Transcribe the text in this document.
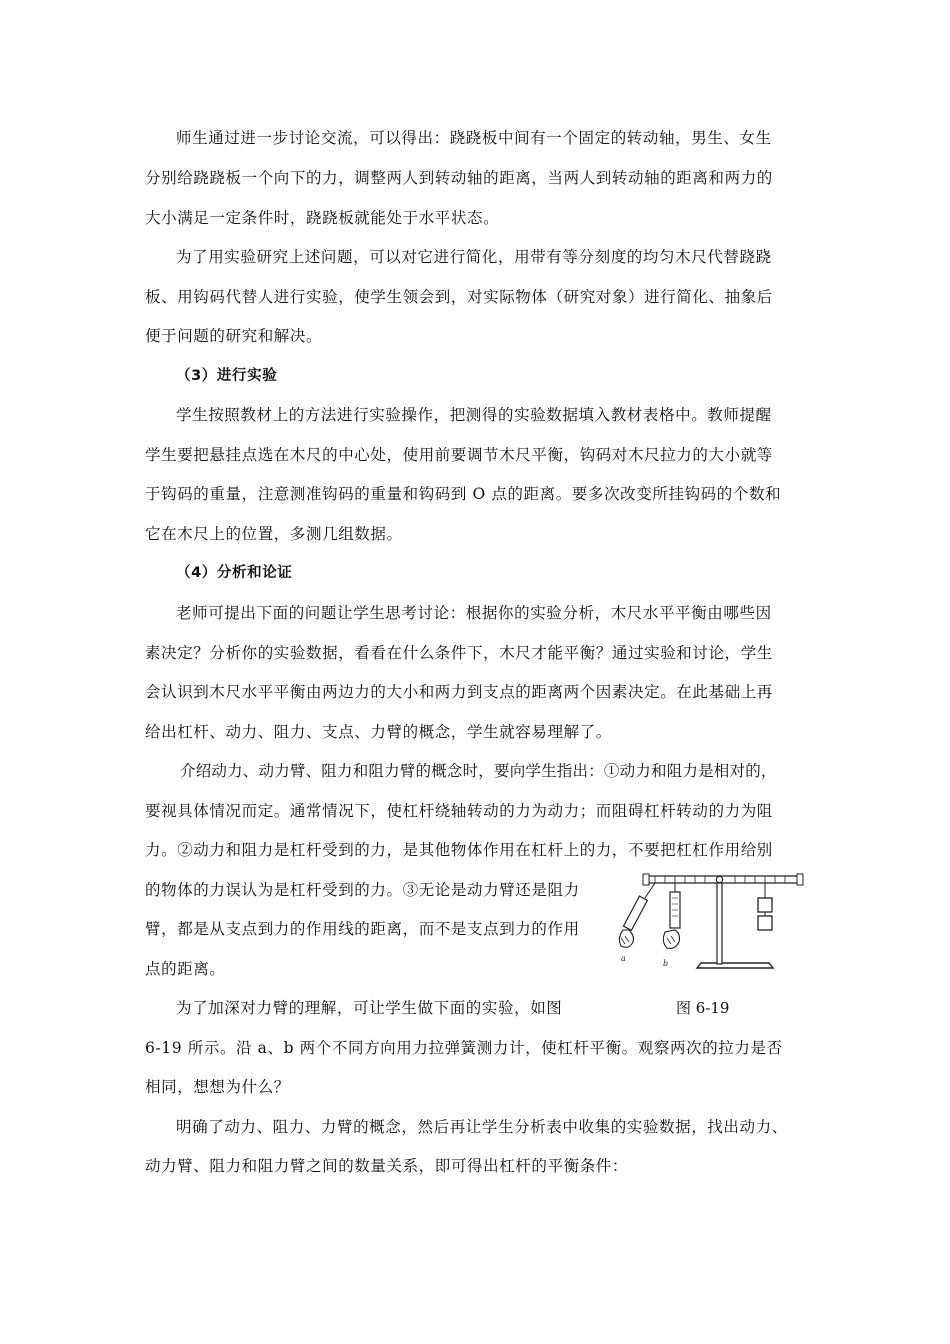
师生通过进一步讨论交流，可以得出：跷跷板中间有一个固定的转动轴，男生、女生
分别给跷跷板一个向下的力，调整两人到转动轴的距离，当两人到转动轴的距离和两力的
大小满足一定条件时，跷跷板就能处于水平状态。
为了用实验研究上述问题，可以对它进行简化，用带有等分刻度的均匀木尺代替跷跷
板、用钩码代替人进行实验，使学生领会到，对实际物体（研究对象）进行简化、抽象后
便于问题的研究和解决。
（3）进行实验
学生按照教材上的方法进行实验操作，把测得的实验数据填入教材表格中。教师提醒
学生要把悬挂点选在木尺的中心处，使用前要调节木尺平衡，钩码对木尺拉力的大小就等
于钩码的重量，注意测准钩码的重量和钩码到 O 点的距离。要多次改变所挂钩码的个数和
它在木尺上的位置，多测几组数据。
（4）分析和论证
老师可提出下面的问题让学生思考讨论：根据你的实验分析，木尺水平平衡由哪些因
素决定？分析你的实验数据，看看在什么条件下，木尺才能平衡？通过实验和讨论，学生
会认识到木尺水平平衡由两边力的大小和两力到支点的距离两个因素决定。在此基础上再
给出杠杆、动力、阻力、支点、力臂的概念，学生就容易理解了。
介绍动力、动力臂、阻力和阻力臂的概念时，要向学生指出：①动力和阻力是相对的，
要视具体情况而定。通常情况下，使杠杆绕轴转动的力为动力；而阻碍杠杆转动的力为阻
力。②动力和阻力是杠杆受到的力，是其他物体作用在杠杆上的力，不要把杠杠作用给别
的物体的力误认为是杠杆受到的力。③无论是动力臂还是阻力
臂，都是从支点到力的作用线的距离，而不是支点到力的作用
点的距离。
为了加深对力臂的理解，可让学生做下面的实验，如图
6-19 所示。沿 a、b 两个不同方向用力拉弹簧测力计，使杠杆平衡。观察两次的拉力是否
相同，想想为什么？
明确了动力、阻力、力臂的概念，然后再让学生分析表中收集的实验数据，找出动力、
动力臂、阻力和阻力臂之间的数量关系，即可得出杠杆的平衡条件：
a
b
图 6-19
